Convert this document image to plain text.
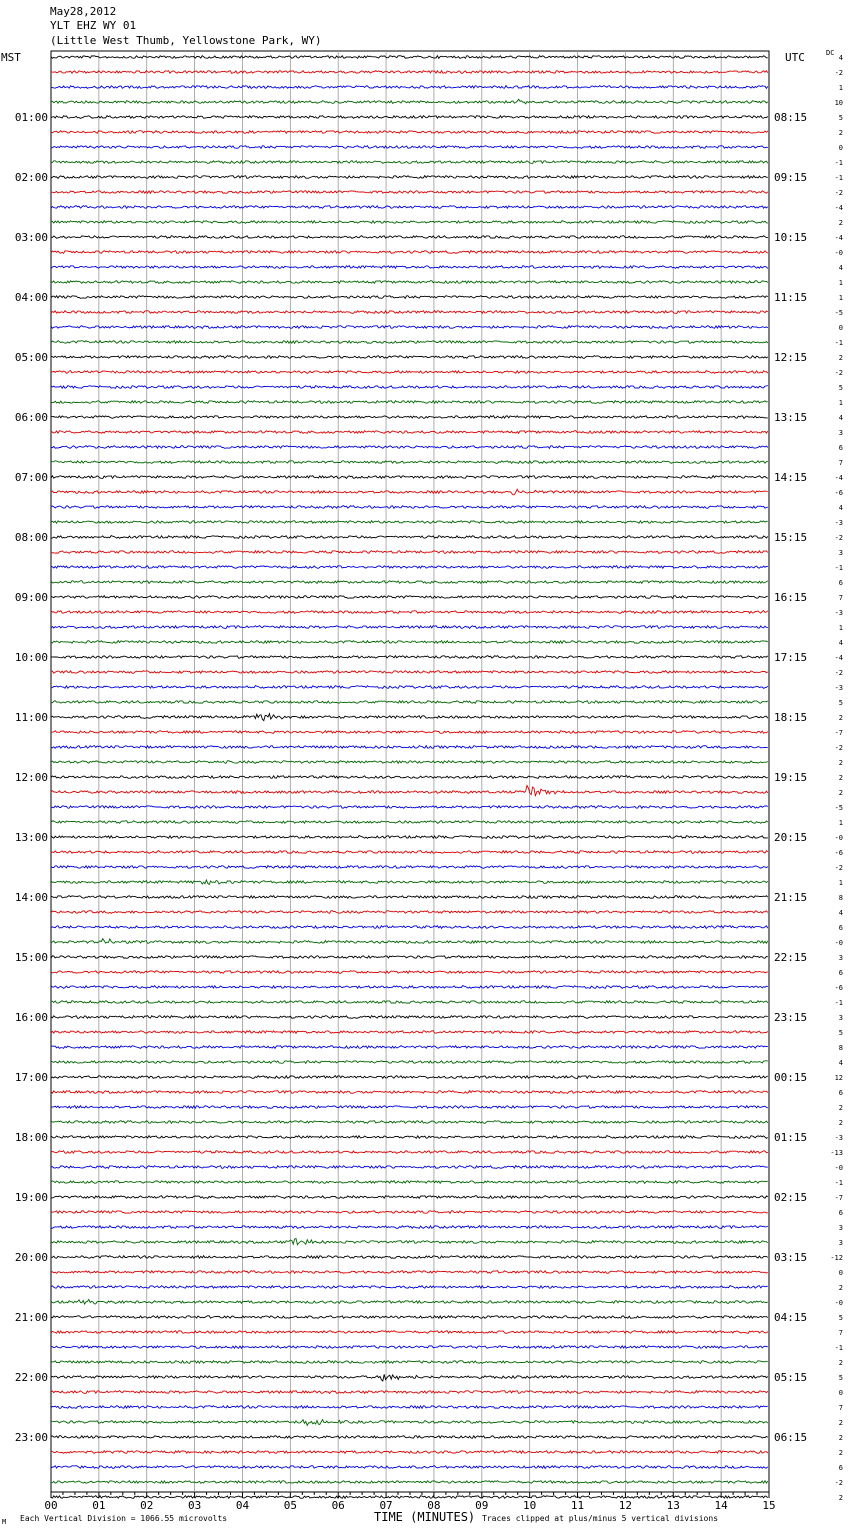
May28,2012
YLT EHZ WY 01
(Little West Thumb, Yellowstone Park, WY)
MST	UTC	DC
00	01	02	03	04	05	06	07	08	09	10	11	12	13	14	15
4
-2
1
10
5
2
0
-1
-1
-2
-4
2
-4
-0
4
1
1
-5
0
-1
2
-2
5
1
4
3
6
7
-4
-6
4
-3
-2
3
-1
6
7
-3
1
4
-4
-2
-3
5
2
-7
-2
2
2
2
-5
1
-0
-6
-2
1
8
4
6
-0
3
6
-6
-1
3
5
8
4
12
6
2
2
-3
-13
-0
-1
-7
6
3
3
-12
0
2
-0
5
7
-1
2
5
0
7
2
2
2
6
-2
2
01:00	08:15
02:00	09:15
03:00	10:15
04:00	11:15
05:00	12:15
06:00	13:15
07:00	14:15
08:00	15:15
09:00	16:15
10:00	17:15
11:00	18:15
12:00	19:15
13:00	20:15
14:00	21:15
15:00	22:15
16:00	23:15
17:00	00:15
18:00	01:15
19:00	02:15
20:00	03:15
21:00	04:15
22:00	05:15
23:00	06:15
TIME (MINUTES)
M Each Vertical Division = 1066.55 microvolts	Traces clipped at plus/minus 5 vertical divisions
